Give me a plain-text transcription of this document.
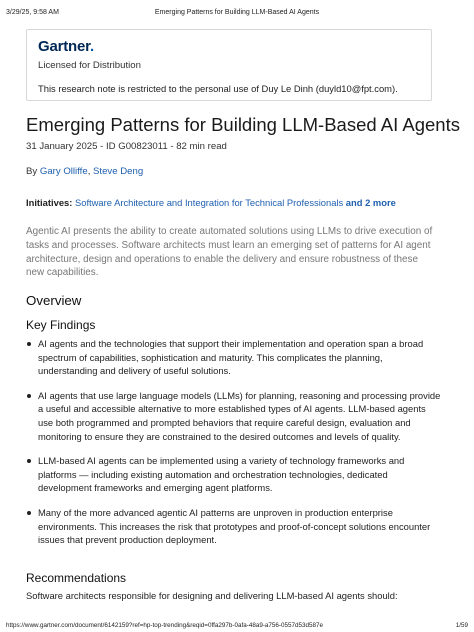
3/29/25, 9:58 AM	Emerging Patterns for Building LLM-Based AI Agents
Gartner.
Licensed for Distribution
This research note is restricted to the personal use of Duy Le Dinh (duyld10@fpt.com).
Emerging Patterns for Building LLM-Based AI Agents
31 January 2025 - ID G00823011 - 82 min read
By Gary Olliffe, Steve Deng
Initiatives: Software Architecture and Integration for Technical Professionals and 2 more

Agentic AI presents the ability to create automated solutions using LLMs to drive execution of tasks and processes. Software architects must learn an emerging set of patterns for AI agent architecture, design and operations to enable the delivery and ensure robustness of these new capabilities.

Overview
Key Findings
AI agents and the technologies that support their implementation and operation span a broad spectrum of capabilities, sophistication and maturity. This complicates the planning, understanding and delivery of useful solutions.
AI agents that use large language models (LLMs) for planning, reasoning and processing provide a useful and accessible alternative to more established types of AI agents. LLM-based agents use both programmed and prompted behaviors that require careful design, evaluation and monitoring to ensure they are constrained to the desired outcomes and levels of quality.
LLM-based AI agents can be implemented using a variety of technology frameworks and platforms — including existing automation and orchestration technologies, dedicated development frameworks and emerging agent platforms.
Many of the more advanced agentic AI patterns are unproven in production enterprise environments. This increases the risk that prototypes and proof-of-concept solutions encounter issues that prevent production deployment.
Recommendations
Software architects responsible for designing and delivering LLM-based AI agents should:
https://www.gartner.com/document/6142159?ref=hp-top-trending&reqid=0ffa297b-0afa-48a9-a756-0557d53d587e	1/59
